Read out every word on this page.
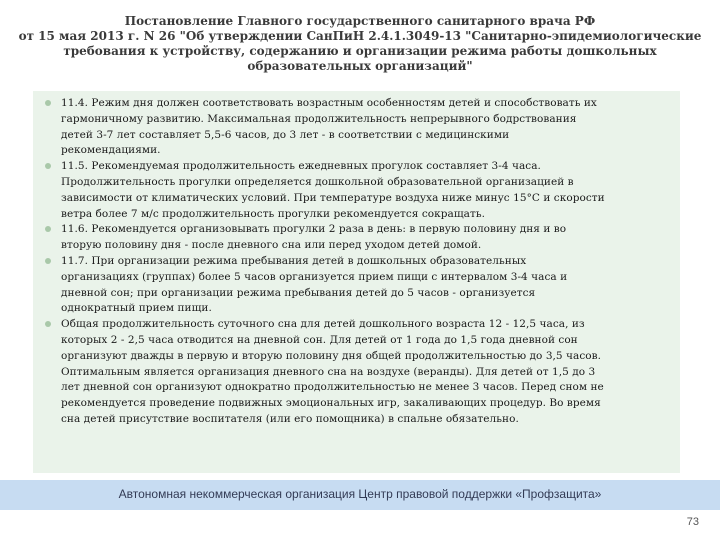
Постановление Главного государственного санитарного врача РФ
от 15 мая 2013 г. N 26 "Об утверждении СанПиН 2.4.1.3049-13 "Санитарно-эпидемиологические
требования к устройству, содержанию и организации режима работы дошкольных
образовательных организаций"
11.4. Режим дня должен соответствовать возрастным особенностям детей и способствовать их
гармоничному развитию. Максимальная продолжительность непрерывного бодрствования
детей 3-7 лет составляет 5,5-6 часов, до 3 лет - в соответствии с медицинскими
рекомендациями.
11.5. Рекомендуемая продолжительность ежедневных прогулок составляет 3-4 часа.
Продолжительность прогулки определяется дошкольной образовательной организацией в
зависимости от климатических условий. При температуре воздуха ниже минус 15°С и скорости
ветра более 7 м/с продолжительность прогулки рекомендуется сокращать.
11.6. Рекомендуется организовывать прогулки 2 раза в день: в первую половину дня и во
вторую половину дня - после дневного сна или перед уходом детей домой.
11.7. При организации режима пребывания детей в дошкольных образовательных
организациях (группах) более 5 часов организуется прием пищи с интервалом 3-4 часа и
дневной сон; при организации режима пребывания детей до 5 часов - организуется
однократный прием пищи.
Общая продолжительность суточного сна для детей дошкольного возраста 12 - 12,5 часа, из
которых 2 - 2,5 часа отводится на дневной сон. Для детей от 1 года до 1,5 года дневной сон
организуют дважды в первую и вторую половину дня общей продолжительностью до 3,5 часов.
Оптимальным является организация дневного сна на воздухе (веранды). Для детей от 1,5 до 3
лет дневной сон организуют однократно продолжительностью не менее 3 часов. Перед сном не
рекомендуется проведение подвижных эмоциональных игр, закаливающих процедур. Во время
сна детей присутствие воспитателя (или его помощника) в спальне обязательно.
Автономная некоммерческая организация Центр правовой поддержки «Профзащита»
73
